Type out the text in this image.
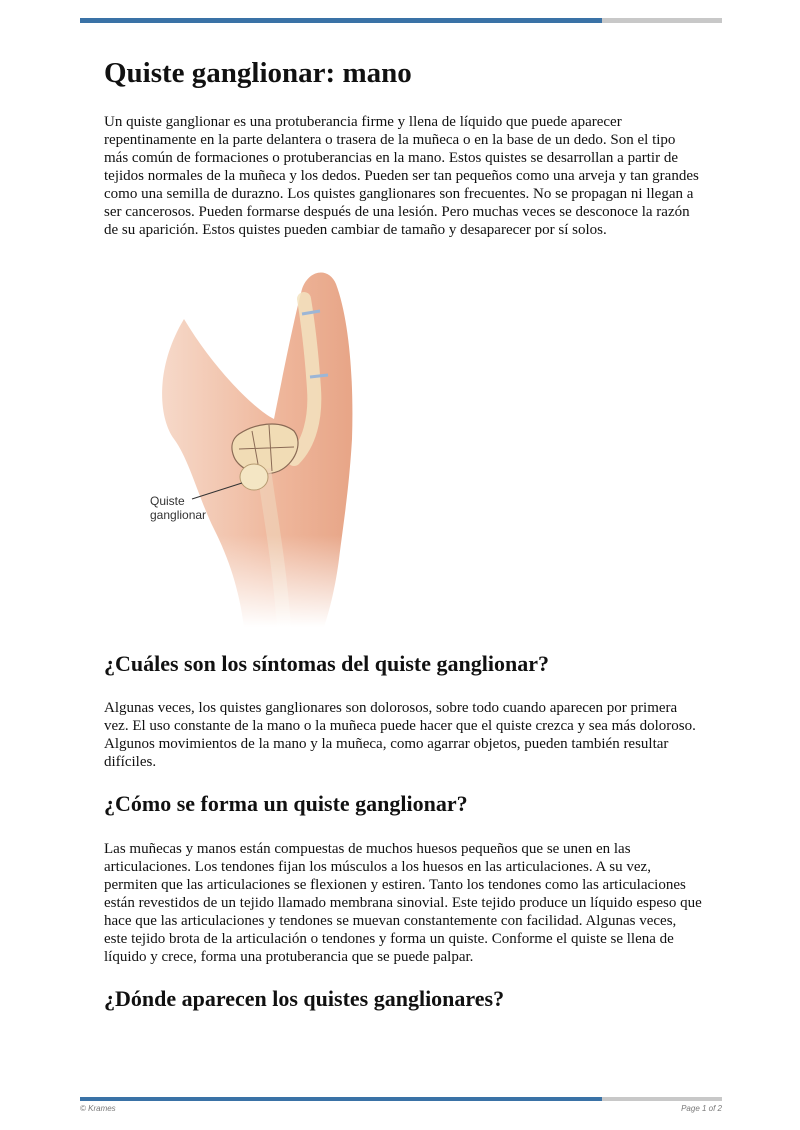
Quiste ganglionar: mano

Un quiste ganglionar es una protuberancia firme y llena de líquido que puede aparecer repentinamente en la parte delantera o trasera de la muñeca o en la base de un dedo. Son el tipo más común de formaciones o protuberancias en la mano. Estos quistes se desarrollan a partir de tejidos normales de la muñeca y los dedos. Pueden ser tan pequeños como una arveja y tan grandes como una semilla de durazno. Los quistes ganglionares son frecuentes. No se propagan ni llegan a ser cancerosos. Pueden formarse después de una lesión. Pero muchas veces se desconoce la razón de su aparición. Estos quistes pueden cambiar de tamaño y desaparecer por sí solos.

¿Cuáles son los síntomas del quiste ganglionar?

Algunas veces, los quistes ganglionares son dolorosos, sobre todo cuando aparecen por primera vez. El uso constante de la mano o la muñeca puede hacer que el quiste crezca y sea más doloroso. Algunos movimientos de la mano y la muñeca, como agarrar objetos, pueden también resultar difíciles.

¿Cómo se forma un quiste ganglionar?

Las muñecas y manos están compuestas de muchos huesos pequeños que se unen en las articulaciones. Los tendones fijan los músculos a los huesos en las articulaciones. A su vez, permiten que las articulaciones se flexionen y estiren. Tanto los tendones como las articulaciones están revestidos de un tejido llamado membrana sinovial. Este tejido produce un líquido espeso que hace que las articulaciones y tendones se muevan constantemente con facilidad. Algunas veces, este tejido brota de la articulación o tendones y forma un quiste. Conforme el quiste se llena de líquido y crece, forma una protuberancia que se puede palpar.

¿Dónde aparecen los quistes ganglionares?
© Krames	Page 1 of 2
